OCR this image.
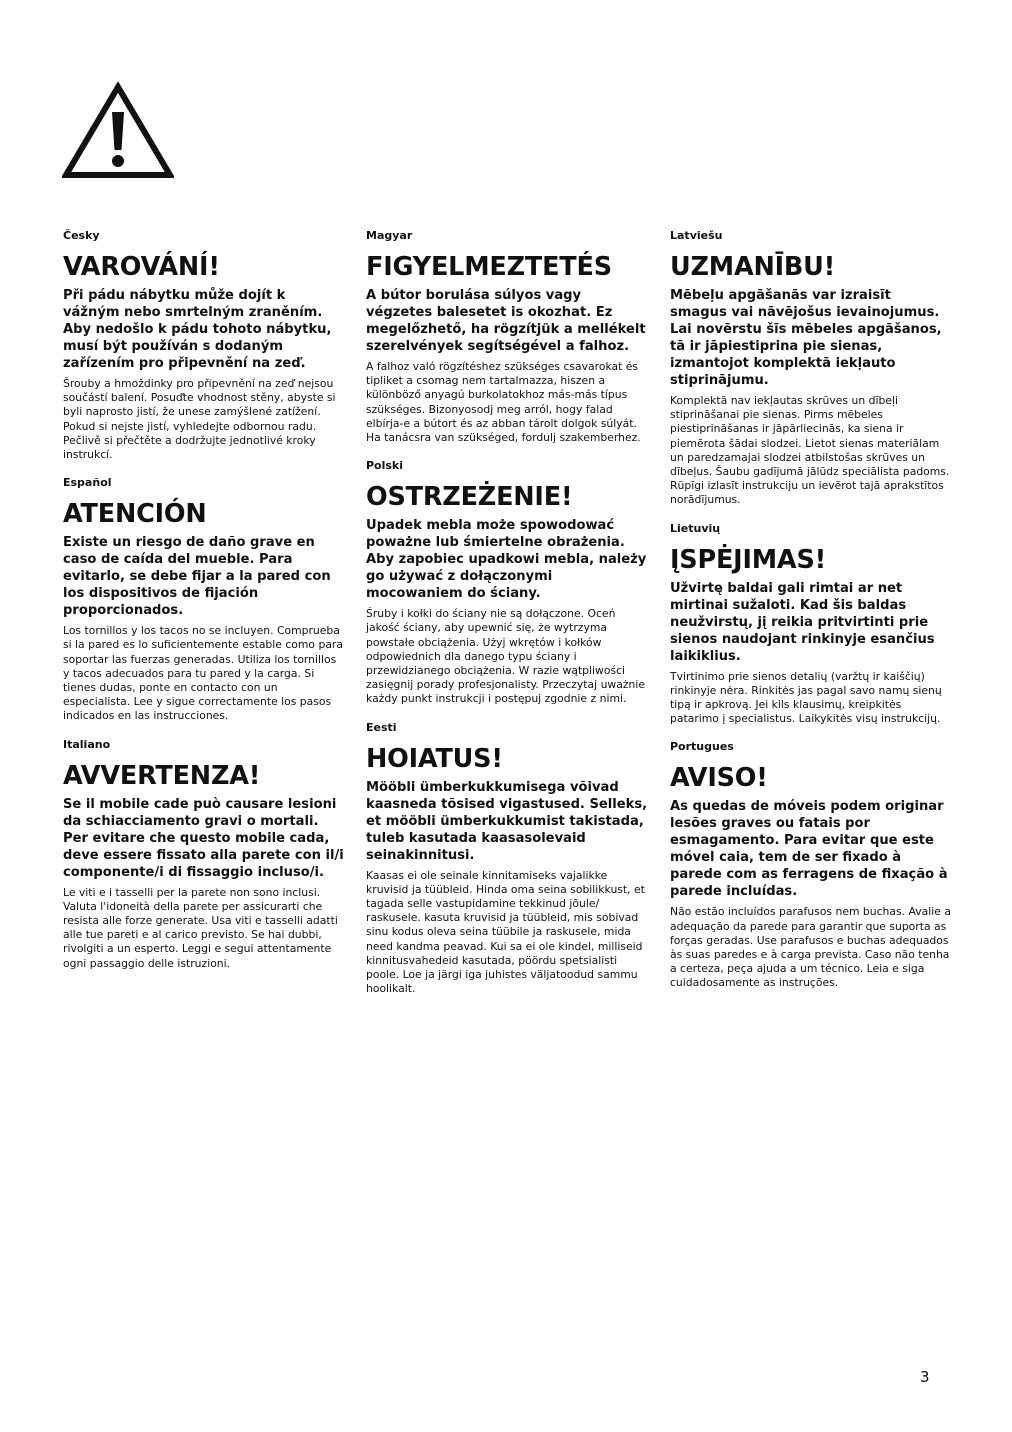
Česky

VAROVÁNÍ!

Při pádu nábytku může dojít k vážným nebo smrtelným zraněním. Aby nedošlo k pádu tohoto nábytku, musí být používán s dodaným zařízením pro připevnění na zeď.

Šrouby a hmoždinky pro připevnění na zeď nejsou součástí balení. Posuďte vhodnost stěny, abyste si byli naprosto jistí, že unese zamýšlené zatížení. Pokud si nejste jistí, vyhledejte odbornou radu. Pečlivě si přečtěte a dodržujte jednotlivé kroky instrukcí.

Español

ATENCIÓN

Existe un riesgo de daño grave en caso de caída del mueble. Para evitarlo, se debe fijar a la pared con los dispositivos de fijación proporcionados.

Los tornillos y los tacos no se incluyen. Comprueba si la pared es lo suficientemente estable como para soportar las fuerzas generadas. Utiliza los tornillos y tacos adecuados para tu pared y la carga. Si tienes dudas, ponte en contacto con un especialista. Lee y sigue correctamente los pasos indicados en las instrucciones.

Italiano

AVVERTENZA!

Se il mobile cade può causare lesioni da schiacciamento gravi o mortali. Per evitare che questo mobile cada, deve essere fissato alla parete con il/i componente/i di fissaggio incluso/i.

Le viti e i tasselli per la parete non sono inclusi. Valuta l'idoneità della parete per assicurarti che resista alle forze generate. Usa viti e tasselli adatti alle tue pareti e al carico previsto. Se hai dubbi, rivolgiti a un esperto. Leggi e segui attentamente ogni passaggio delle istruzioni.

Magyar

FIGYELMEZTETÉS

A bútor borulása súlyos vagy végzetes balesetet is okozhat. Ez megelőzhető, ha rögzítjük a mellékelt szerelvények segítségével a falhoz.

A falhoz való rögzítéshez szükséges csavarokat és tipliket a csomag nem tartalmazza, hiszen a különböző anyagú burkolatokhoz más-más típus szükséges. Bizonyosodj meg arról, hogy falad elbírja-e a bútort és az abban tárolt dolgok súlyát. Ha tanácsra van szükséged, fordulj szakemberhez.

Polski

OSTRZEŻENIE!

Upadek mebla może spowodować poważne lub śmiertelne obrażenia. Aby zapobiec upadkowi mebla, należy go używać z dołączonymi mocowaniem do ściany.

Śruby i kołki do ściany nie są dołączone. Oceń jakość ściany, aby upewnić się, że wytrzyma powstałe obciążenia. Użyj wkrętów i kołków odpowiednich dla danego typu ściany i przewidzianego obciążenia. W razie wątpliwości zasięgnij porady profesjonalisty. Przeczytaj uważnie każdy punkt instrukcji i postępuj zgodnie z nimi.

Eesti

HOIATUS!

Mööbli ümberkukkumisega võivad kaasneda tõsised vigastused. Selleks, et mööbli ümberkukkumist takistada, tuleb kasutada kaasasolevaid seinakinnitusi.

Kaasas ei ole seinale kinnitamiseks vajalikke kruvisid ja tüübleid. Hinda oma seina sobilikkust, et tagada selle vastupidamine tekkinud jõule/ raskusele. kasuta kruvisid ja tüübleid, mis sobivad sinu kodus oleva seina tüübile ja raskusele, mida need kandma peavad. Kui sa ei ole kindel, milliseid kinnitusvahedeid kasutada, pöördu spetsialisti poole. Loe ja järgi iga juhistes väljatoodud sammu hoolikalt.

Latviešu

UZMANĪBU!

Mēbeļu apgāšanās var izraisīt smagus vai nāvējošus ievainojumus. Lai novērstu šīs mēbeles apgāšanos, tā ir jāpiestiprina pie sienas, izmantojot komplektā iekļauto stiprinājumu.

Komplektā nav iekļautas skrūves un dībeļi stiprināšanai pie sienas. Pirms mēbeles piestiprināšanas ir jāpārliecinās, ka siena ir piemērota šādai slodzei. Lietot sienas materiālam un paredzamajai slodzei atbilstošas skrūves un dībeļus. Šaubu gadījumā jālūdz speciālista padoms. Rūpīgi izlasīt instrukciju un ievērot tajā aprakstītos norādījumus.

Lietuvių

ĮSPĖJIMAS!

Užvirtę baldai gali rimtai ar net mirtinai sužaloti. Kad šis baldas neužvirstų, jį reikia pritvirtinti prie sienos naudojant rinkinyje esančius laikiklius.

Tvirtinimo prie sienos detalių (varžtų ir kaiščių) rinkinyje nėra. Rinkitės jas pagal savo namų sienų tipą ir apkrovą. Jei kils klausimų, kreipkitės patarimo į specialistus. Laikykitės visų instrukcijų.

Portugues

AVISO!

As quedas de móveis podem originar lesões graves ou fatais por esmagamento. Para evitar que este móvel caia, tem de ser fixado à parede com as ferragens de fixação à parede incluídas.

Não estão incluídos parafusos nem buchas. Avalie a adequação da parede para garantir que suporta as forças geradas. Use parafusos e buchas adequados às suas paredes e à carga prevista. Caso não tenha a certeza, peça ajuda a um técnico. Leia e siga cuidadosamente as instruções.

3
